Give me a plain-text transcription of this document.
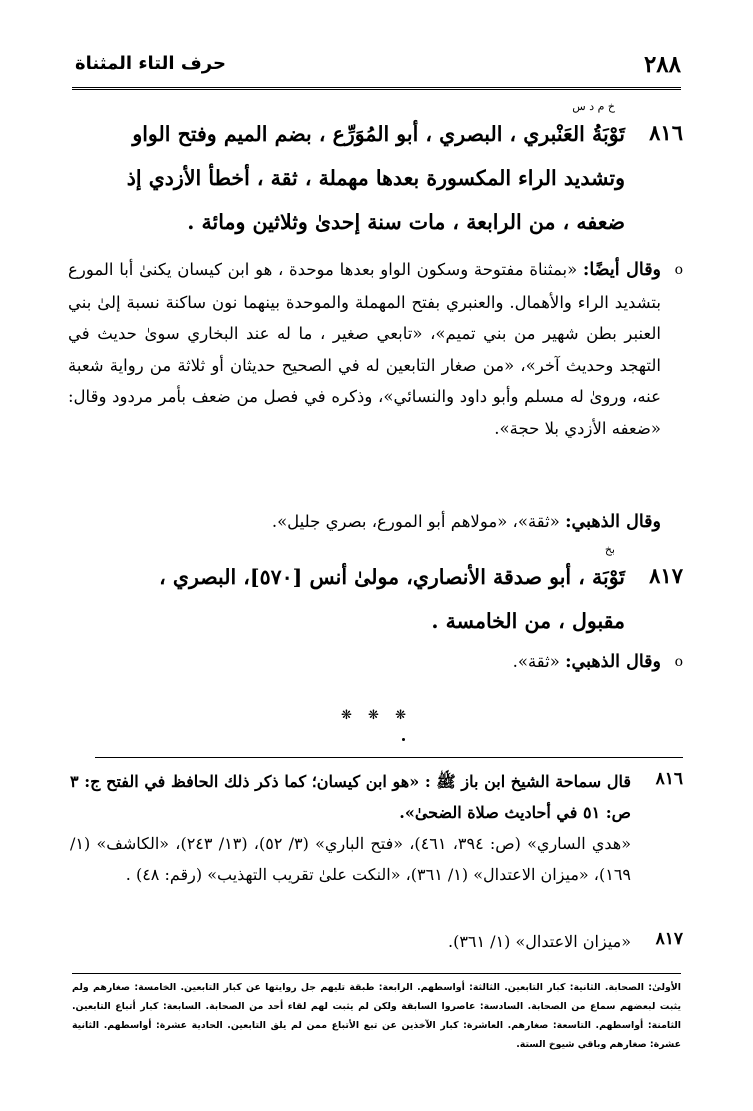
٢٨٨
حرف التاء المثناة
٨١٦
خ م د س
تَوْبَةُ العَنْبري ، البصري ، أبو المُوَرِّع ، بضم الميم وفتح الواو
وتشديد الراء المكسورة بعدها مهملة ، ثقة ، أخطأ الأزدي إذ
ضعفه ، من الرابعة ، مات سنة إحدىٰ وثلاثين ومائة .
o
وقال أيضًا: «بمثناة مفتوحة وسكون الواو بعدها موحدة ، هو ابن كيسان يكنىٰ أبا المورع بتشديد الراء والأهمال. والعنبري بفتح المهملة والموحدة بينهما نون ساكنة نسبة إلىٰ بني العنبر بطن شهير من بني تميم»، «تابعي صغير ، ما له عند البخاري سوىٰ حديث في التهجد وحديث آخر»، «من صغار التابعين له في الصحيح حديثان أو ثلاثة من رواية شعبة عنه، وروىٰ له مسلم وأبو داود والنسائي»، وذكره في فصل من ضعف بأمر مردود وقال: «ضعفه الأزدي بلا حجة».
وقال الذهبي: «ثقة»، «مولاهم أبو المورع، بصري جليل».
٨١٧
بخ
تَوْبَة ، أبو صدقة الأنصاري، مولىٰ أنس [٥٧٠]، البصري ،
مقبول ، من الخامسة .
o
وقال الذهبي: «ثقة».
❋ ❋ ❋
٨١٦
قال سماحة الشيخ ابن باز ﷺ : «هو ابن كيسان؛ كما ذكر ذلك الحافظ في الفتح ج: ٣ ص: ٥١ في أحاديث صلاة الضحىٰ».
«هدي الساري» (ص: ٣٩٤، ٤٦١)، «فتح الباري» (٣/ ٥٢)، (١٣/ ٢٤٣)، «الكاشف» (١/ ١٦٩)، «ميزان الاعتدال» (١/ ٣٦١)، «النكت علىٰ تقريب التهذيب» (رقم: ٤٨) .
٨١٧
«ميزان الاعتدال» (١/ ٣٦١).
الأولىٰ: الصحابة. الثانية: كبار التابعين. الثالثة: أواسطهم. الرابعة: طبقة تليهم جل روايتها عن كبار التابعين. الخامسة: صغارهم ولم يثبت لبعضهم سماع من الصحابة. السادسة: عاصروا السابقة ولكن لم يثبت لهم لقاء أحد من الصحابة. السابعة: كبار أتباع التابعين. الثامنة: أواسطهم. التاسعة: صغارهم. العاشرة: كبار الآخذين عن تبع الأتباع ممن لم يلق التابعين. الحادية عشرة: أواسطهم. الثانية عشرة: صغارهم وباقي شيوخ الستة.
